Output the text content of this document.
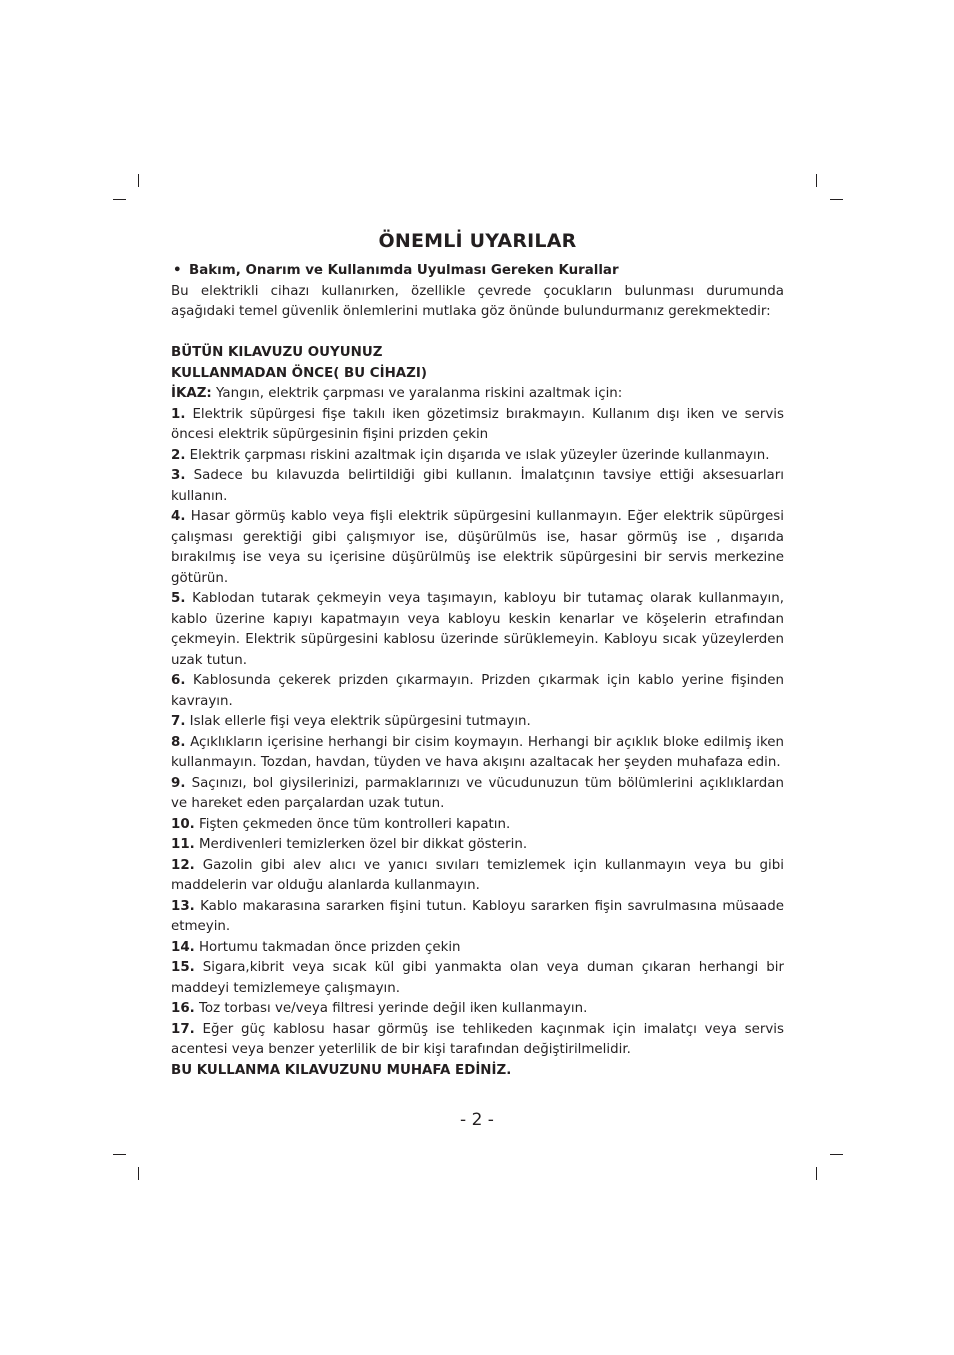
ÖNEMLİ UYARILAR
• Bakım, Onarım ve Kullanımda Uyulması Gereken Kurallar

Bu elektrikli cihazı kullanırken, özellikle çevrede çocukların bulunması durumunda aşağıdaki temel güvenlik önlemlerini mutlaka göz önünde bulundurmanız gerekmektedir:

BÜTÜN KILAVUZU OUYUNUZ
KULLANMADAN ÖNCE( BU CİHAZI)

İKAZ: Yangın, elektrik çarpması ve yaralanma riskini azaltmak için:

1. Elektrik süpürgesi fişe takılı iken gözetimsiz bırakmayın. Kullanım dışı iken ve servis öncesi elektrik süpürgesinin fişini prizden çekin

2. Elektrik çarpması riskini azaltmak için dışarıda ve ıslak yüzeyler üzerinde kullanmayın.

3. Sadece bu kılavuzda belirtildiği gibi kullanın. İmalatçının tavsiye ettiği aksesuarları kullanın.

4. Hasar görmüş kablo veya fişli elektrik süpürgesini kullanmayın. Eğer elektrik süpürgesi çalışması gerektiği gibi çalışmıyor ise, düşürülmüs ise, hasar görmüş ise , dışarıda bırakılmış ise veya su içerisine düşürülmüş ise elektrik süpürgesini bir servis merkezine götürün.

5. Kablodan tutarak çekmeyin veya taşımayın, kabloyu bir tutamaç olarak kullanmayın, kablo üzerine kapıyı kapatmayın veya kabloyu keskin kenarlar ve köşelerin etrafından çekmeyin. Elektrik süpürgesini kablosu üzerinde sürüklemeyin. Kabloyu sıcak yüzeylerden uzak tutun.

6. Kablosunda çekerek prizden çıkarmayın. Prizden çıkarmak için kablo yerine fişinden kavrayın.

7. Islak ellerle fişi veya elektrik süpürgesini tutmayın.

8. Açıklıkların içerisine herhangi bir cisim koymayın. Herhangi bir açıklık bloke edilmiş iken kullanmayın. Tozdan, havdan, tüyden ve hava akışını azaltacak her şeyden muhafaza edin.

9. Saçınızı, bol giysilerinizi, parmaklarınızı ve vücudunuzun tüm bölümlerini açıklıklardan ve hareket eden parçalardan uzak tutun.

10. Fişten çekmeden önce tüm kontrolleri kapatın.

11. Merdivenleri temizlerken özel bir dikkat gösterin.

12. Gazolin gibi alev alıcı ve yanıcı sıvıları temizlemek için kullanmayın veya bu gibi maddelerin var olduğu alanlarda kullanmayın.

13. Kablo makarasına sararken fişini tutun. Kabloyu sararken fişin savrulmasına müsaade etmeyin.

14. Hortumu takmadan önce prizden çekin

15. Sigara,kibrit veya sıcak kül gibi yanmakta olan veya duman çıkaran herhangi bir maddeyi temizlemeye çalışmayın.

16. Toz torbası ve/veya filtresi yerinde değil iken kullanmayın.

17. Eğer güç kablosu hasar görmüş ise tehlikeden kaçınmak için imalatçı veya servis acentesi veya benzer yeterlilik de bir kişi tarafından değiştirilmelidir.

BU KULLANMA KILAVUZUNU MUHAFA EDİNİZ.
- 2 -
